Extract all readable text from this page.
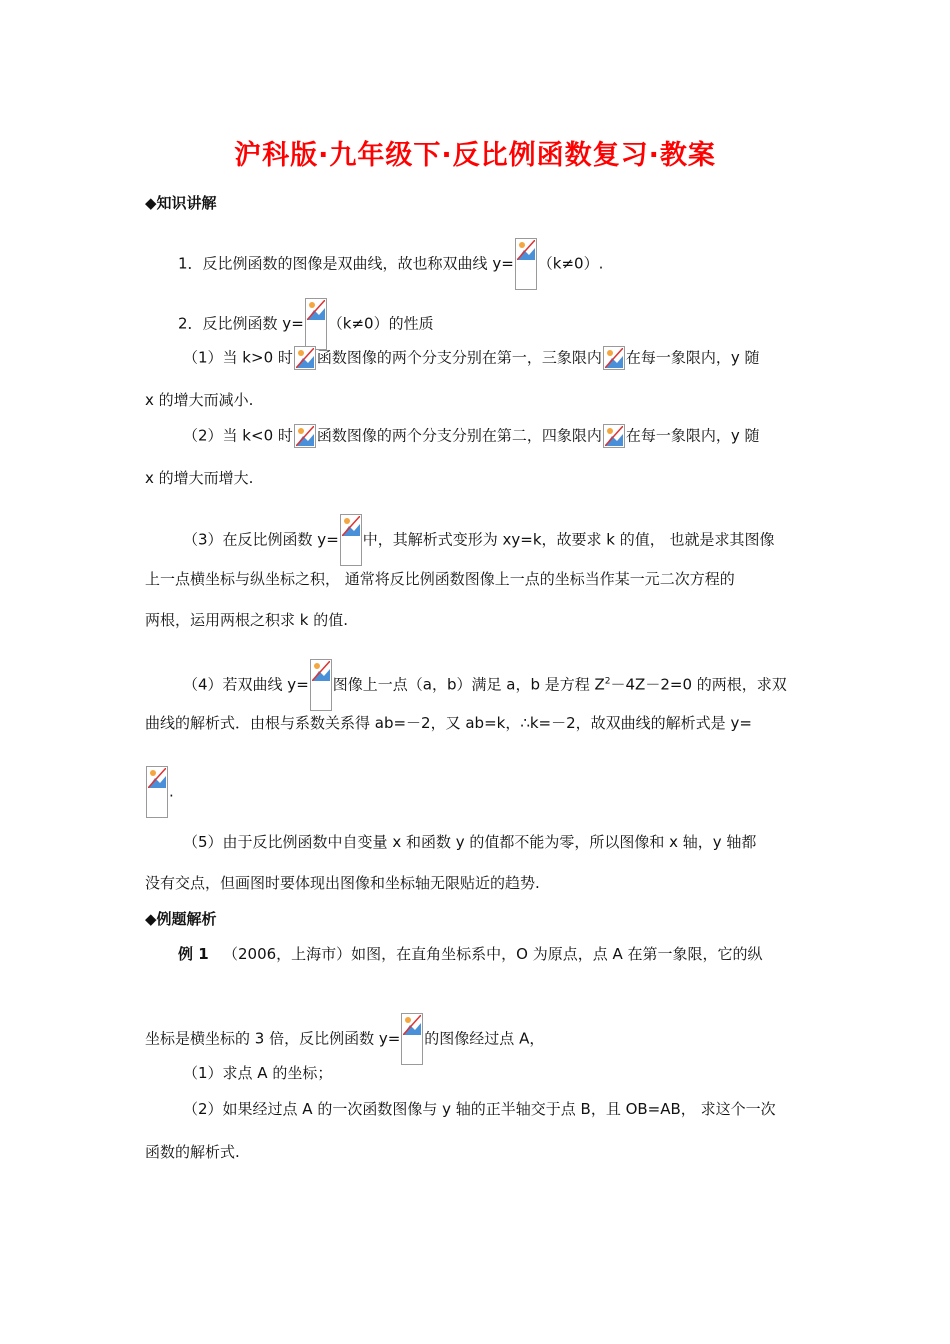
沪科版·九年级下·反比例函数复习·教案
◆知识讲解
1．反比例函数的图像是双曲线，故也称双曲线 y= （k≠0）.
2．反比例函数 y= （k≠0）的性质
（1）当 k>0 时 函数图像的两个分支分别在第一，三象限内 在每一象限内，y 随
x 的增大而减小.
（2）当 k<0 时 函数图像的两个分支分别在第二，四象限内 在每一象限内，y 随
x 的增大而增大.
（3）在反比例函数 y= 中，其解析式变形为 xy=k，故要求 k 的值， 也就是求其图像
上一点横坐标与纵坐标之积， 通常将反比例函数图像上一点的坐标当作某一元二次方程的
两根，运用两根之积求 k 的值.
（4）若双曲线 y= 图像上一点（a，b）满足 a，b 是方程 $Z^2-4Z-2=0$ 的两根，求双
曲线的解析式．由根与系数关系得 ab=－2，又 ab=k，∴k=－2，故双曲线的解析式是 y=
.
（5）由于反比例函数中自变量 x 和函数 y 的值都不能为零，所以图像和 x 轴，y 轴都
没有交点，但画图时要体现出图像和坐标轴无限贴近的趋势.
◆例题解析
例 1 （2006，上海市）如图，在直角坐标系中，O 为原点，点 A 在第一象限，它的纵
坐标是横坐标的 3 倍，反比例函数 y= 的图像经过点 A，
（1）求点 A 的坐标；
（2）如果经过点 A 的一次函数图像与 y 轴的正半轴交于点 B，且 OB=AB， 求这个一次
函数的解析式.
